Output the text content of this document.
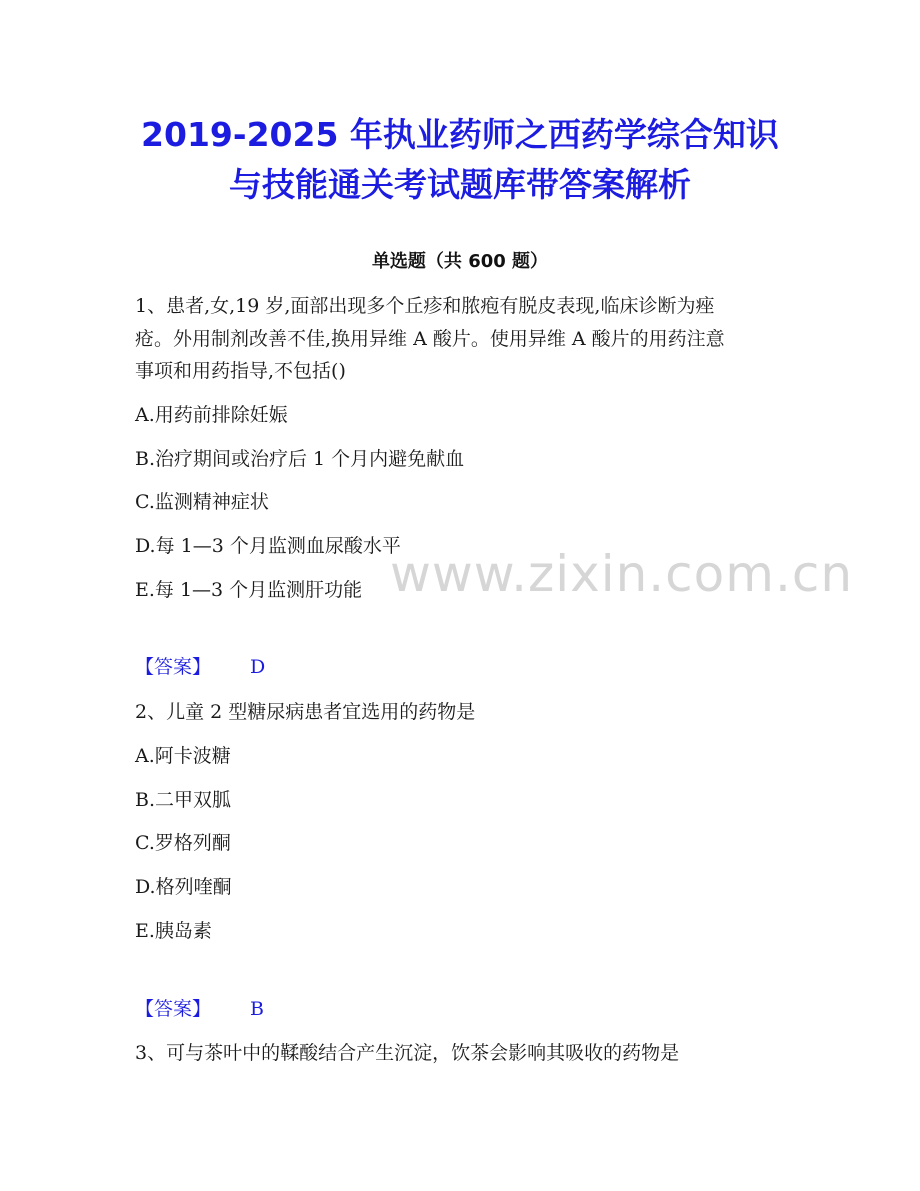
2019-2025 年执业药师之西药学综合知识
与技能通关考试题库带答案解析
单选题（共 600 题）
www.zixin.com.cn
1、患者,女,19 岁,面部出现多个丘疹和脓疱有脱皮表现,临床诊断为痤
疮。外用制剂改善不佳,换用异维 A 酸片。使用异维 A 酸片的用药注意
事项和用药指导,不包括()
A.用药前排除妊娠
B.治疗期间或治疗后 1 个月内避免献血
C.监测精神症状
D.每 1—3 个月监测血尿酸水平
E.每 1—3 个月监测肝功能
【答案】 D
2、儿童 2 型糖尿病患者宜选用的药物是
A.阿卡波糖
B.二甲双胍
C.罗格列酮
D.格列喹酮
E.胰岛素
【答案】 B
3、可与茶叶中的鞣酸结合产生沉淀，饮茶会影响其吸收的药物是
